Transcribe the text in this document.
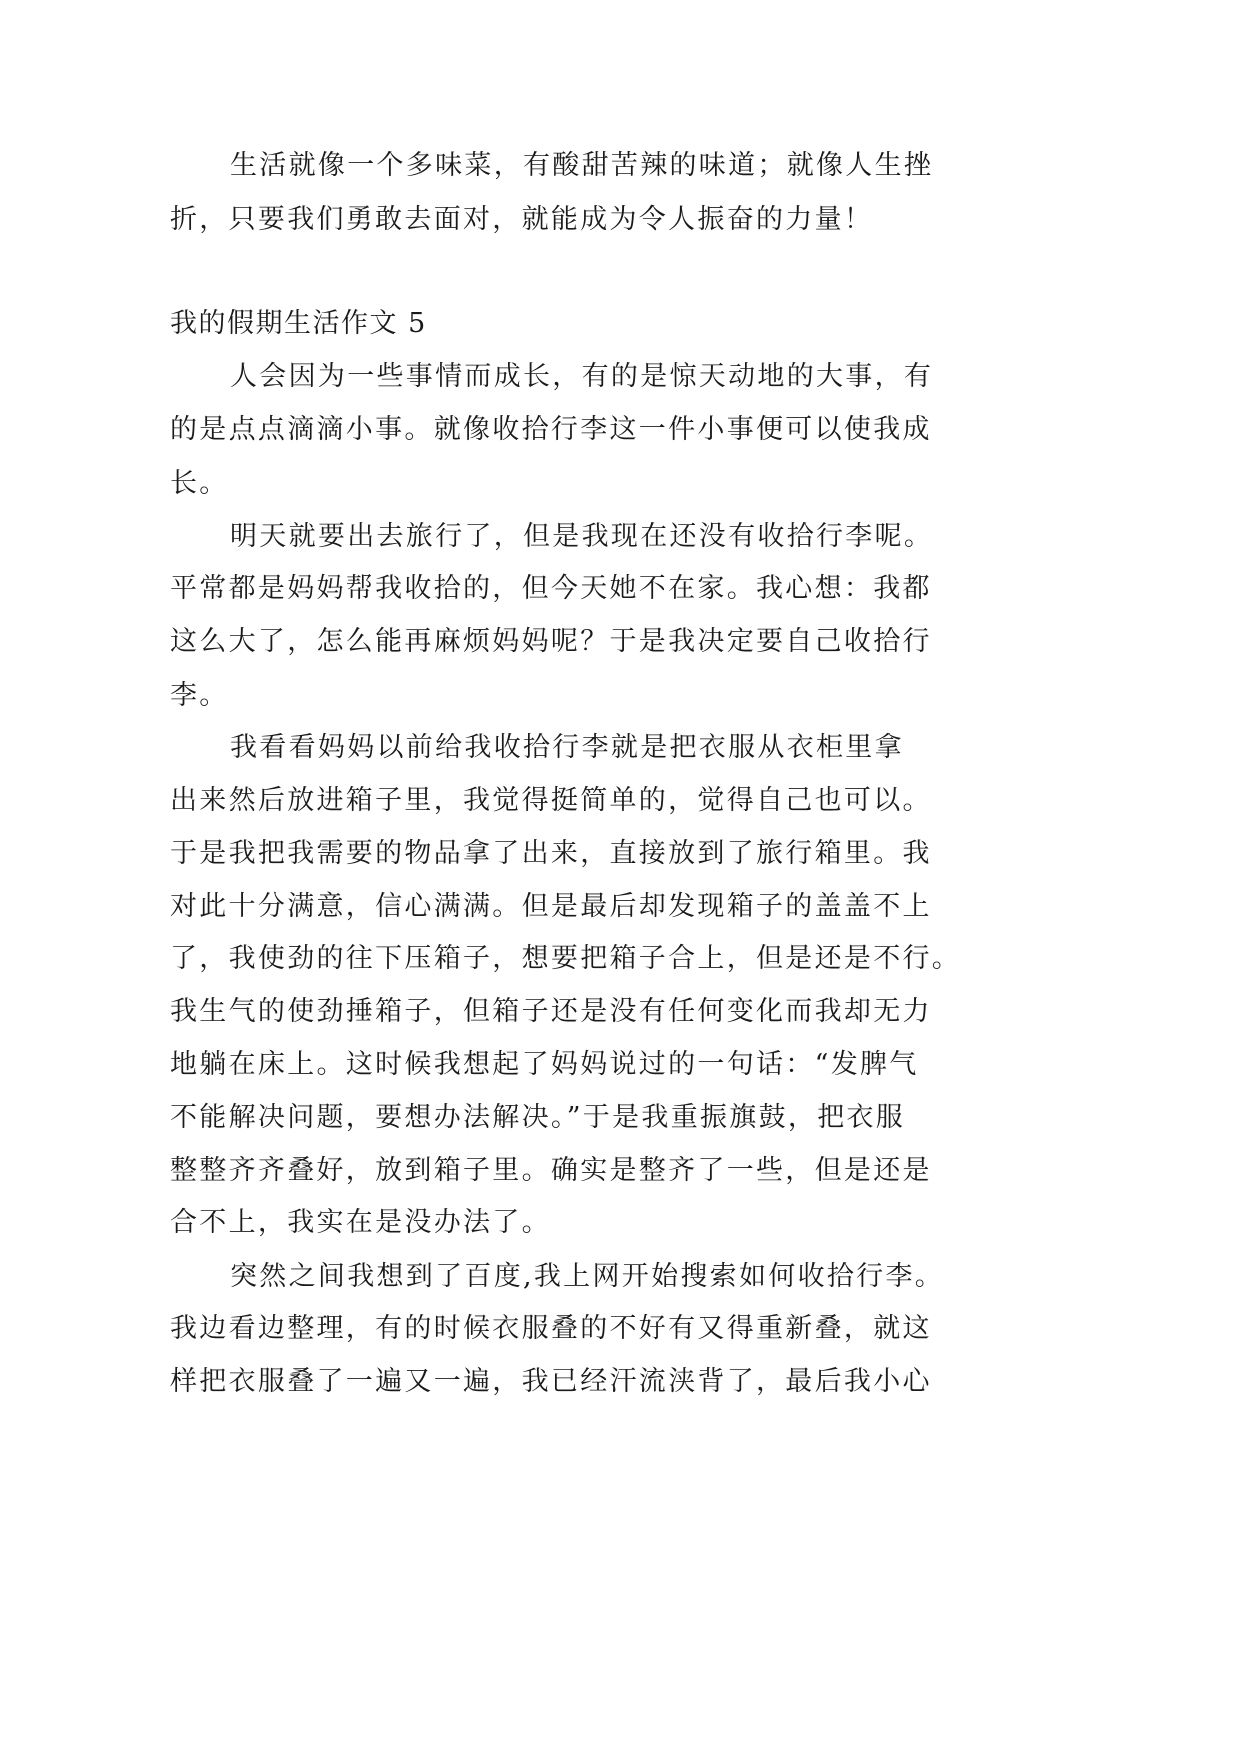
生活就像一个多味菜，有酸甜苦辣的味道；就像人生挫

折，只要我们勇敢去面对，就能成为令人振奋的力量！

我的假期生活作文 5

人会因为一些事情而成长，有的是惊天动地的大事，有

的是点点滴滴小事。就像收拾行李这一件小事便可以使我成

长。

明天就要出去旅行了，但是我现在还没有收拾行李呢。

平常都是妈妈帮我收拾的，但今天她不在家。我心想：我都

这么大了，怎么能再麻烦妈妈呢？于是我决定要自己收拾行

李。

我看看妈妈以前给我收拾行李就是把衣服从衣柜里拿

出来然后放进箱子里，我觉得挺简单的，觉得自己也可以。

于是我把我需要的物品拿了出来，直接放到了旅行箱里。我

对此十分满意，信心满满。但是最后却发现箱子的盖盖不上

了，我使劲的往下压箱子，想要把箱子合上，但是还是不行。

我生气的使劲捶箱子，但箱子还是没有任何变化而我却无力

地躺在床上。这时候我想起了妈妈说过的一句话：“发脾气

不能解决问题，要想办法解决。”于是我重振旗鼓，把衣服

整整齐齐叠好，放到箱子里。确实是整齐了一些，但是还是

合不上，我实在是没办法了。

突然之间我想到了百度,我上网开始搜索如何收拾行李。

我边看边整理，有的时候衣服叠的不好有又得重新叠，就这

样把衣服叠了一遍又一遍，我已经汗流浃背了，最后我小心
